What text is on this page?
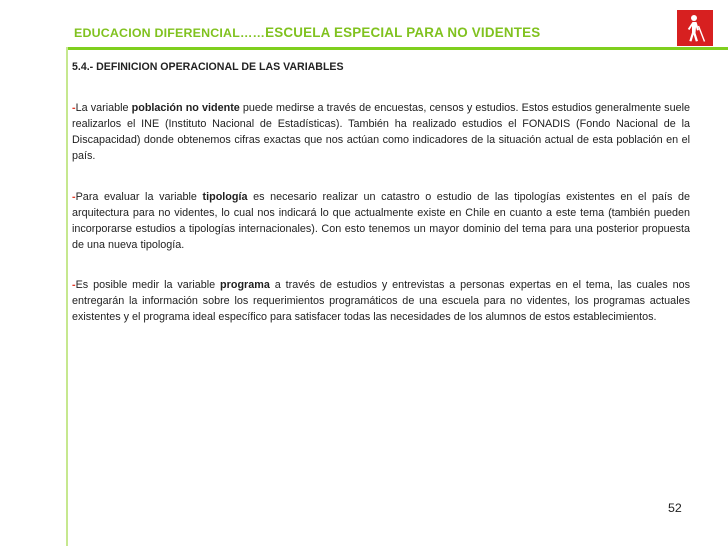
EDUCACION DIFERENCIAL……ESCUELA ESPECIAL PARA NO VIDENTES
5.4.- DEFINICION OPERACIONAL DE LAS VARIABLES

-La variable población no vidente puede medirse a través de encuestas, censos y estudios. Estos estudios generalmente suele realizarlos el INE (Instituto Nacional de Estadísticas). También ha realizado estudios el FONADIS (Fondo Nacional de la Discapacidad) donde obtenemos cifras exactas que nos actúan como indicadores de la situación actual de esta población en el país.

-Para evaluar la variable tipología es necesario realizar un catastro o estudio de las tipologías existentes en el país de arquitectura para no videntes, lo cual nos indicará lo que actualmente existe en Chile en cuanto a este tema (también pueden incorporarse estudios a tipologías internacionales). Con esto tenemos un mayor dominio del tema para una posterior propuesta de una nueva tipología.

-Es posible medir la variable programa a través de estudios y entrevistas a personas expertas en el tema, las cuales nos entregarán la información sobre los requerimientos programáticos de una escuela para no videntes, los programas actuales existentes y el programa ideal específico para satisfacer todas las necesidades de los alumnos de estos establecimientos.

52
